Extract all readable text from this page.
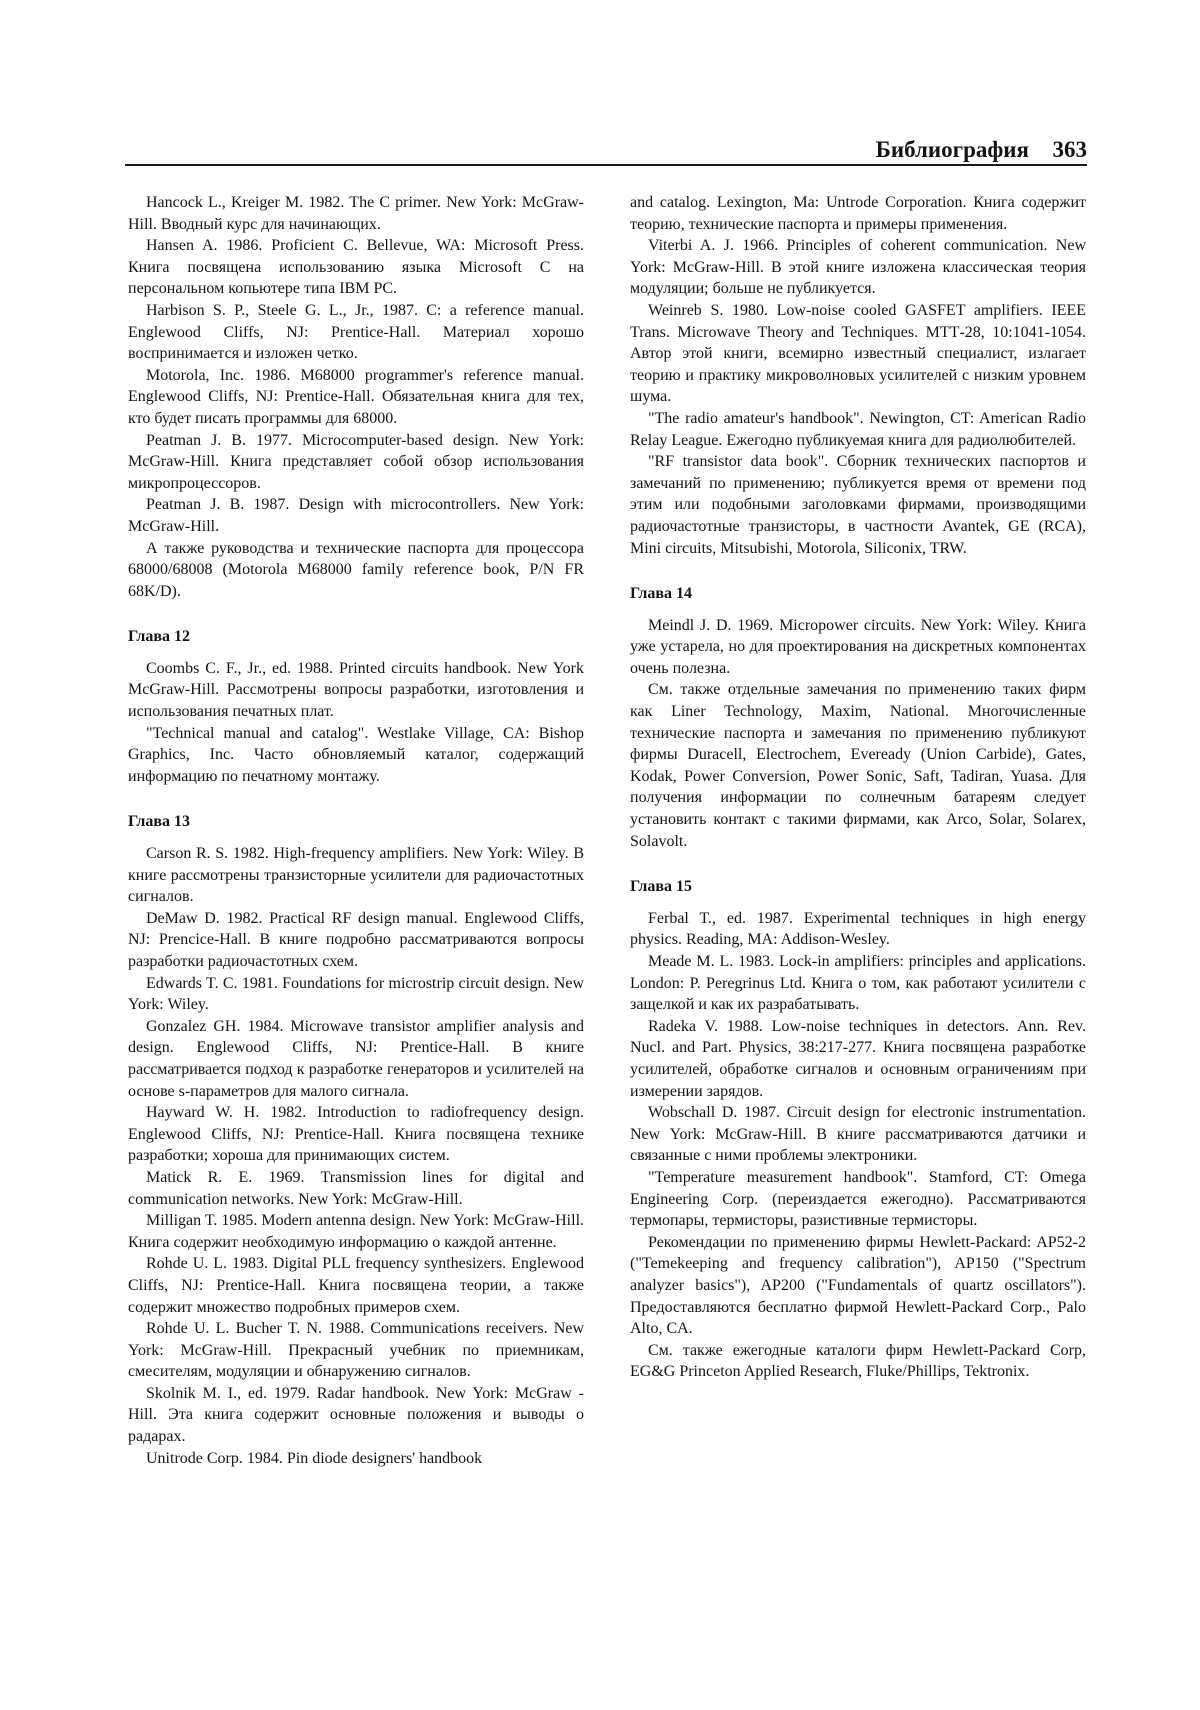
Библиография 363

Hancock L., Kreiger M. 1982. The C primer. New York: McGraw-Hill. Вводный курс для начинающих.

Hansen A. 1986. Proficient C. Bellevue, WA: Microsoft Press. Книга посвящена использованию языка Microsoft C на персональном копьютере типа IBM PC.

Harbison S. P., Steele G. L., Jr., 1987. C: a reference manual. Englewood Cliffs, NJ: Prentice-Hall. Материал хорошо воспринимается и изложен четко.

Motorola, Inc. 1986. M68000 programmer's reference manual. Englewood Cliffs, NJ: Prentice-Hall. Обязательная книга для тех, кто будет писать программы для 68000.

Peatman J. B. 1977. Microcomputer-based design. New York: McGraw-Hill. Книга представляет собой обзор использования микропроцессоров.

Peatman J. B. 1987. Design with microcontrollers. New York: McGraw-Hill.

А также руководства и технические паспорта для процессора 68000/68008 (Motorola M68000 family reference book, P/N FR 68K/D).

Глава 12

Coombs C. F., Jr., ed. 1988. Printed circuits handbook. New York McGraw-Hill. Рассмотрены вопросы разработки, изготовления и использования печатных плат.

"Technical manual and catalog". Westlake Village, CA: Bishop Graphics, Inc. Часто обновляемый каталог, содержащий информацию по печатному монтажу.

Глава 13

Carson R. S. 1982. High-frequency amplifiers. New York: Wiley. В книге рассмотрены транзисторные усилители для радиочастотных сигналов.

DeMaw D. 1982. Practical RF design manual. Englewood Cliffs, NJ: Prencice-Hall. В книге подробно рассматриваются вопросы разработки радиочастотных схем.

Edwards T. C. 1981. Foundations for microstrip circuit design. New York: Wiley.

Gonzalez GH. 1984. Microwave transistor amplifier analysis and design. Englewood Cliffs, NJ: Prentice-Hall. В книге рассматривается подход к разработке генераторов и усилителей на основе s-параметров для малого сигнала.

Hayward W. H. 1982. Introduction to radiofrequency design. Englewood Cliffs, NJ: Prentice-Hall. Книга посвящена технике разработки; хороша для принимающих систем.

Matick R. E. 1969. Transmission lines for digital and communication networks. New York: McGraw-Hill.

Milligan T. 1985. Modern antenna design. New York: McGraw-Hill. Книга содержит необходимую информацию о каждой антенне.

Rohde U. L. 1983. Digital PLL frequency synthesizers. Englewood Cliffs, NJ: Prentice-Hall. Книга посвящена теории, а также содержит множество подробных примеров схем.

Rohde U. L. Bucher T. N. 1988. Communications receivers. New York: McGraw-Hill. Прекрасный учебник по приемникам, смесителям, модуляции и обнаружению сигналов.

Skolnik M. I., ed. 1979. Radar handbook. New York: McGraw - Hill. Эта книга содержит основные положения и выводы о радарах.

Unitrode Corp. 1984. Pin diode designers' handbook

and catalog. Lexington, Ma: Untrode Corporation. Книга содержит теорию, технические паспорта и примеры применения.

Viterbi A. J. 1966. Principles of coherent communication. New York: McGraw-Hill. В этой книге изложена классическая теория модуляции; больше не публикуется.

Weinreb S. 1980. Low-noise cooled GASFET amplifiers. IEEE Trans. Microwave Theory and Techniques. МТТ-28, 10:1041-1054. Автор этой книги, всемирно известный специалист, излагает теорию и практику микроволновых усилителей с низким уровнем шума.

"The radio amateur's handbook". Newington, CT: American Radio Relay League. Ежегодно публикуемая книга для радиолюбителей.

"RF transistor data book". Сборник технических паспортов и замечаний по применению; публикуется время от времени под этим или подобными заголовками фирмами, производящими радиочастотные транзисторы, в частности Avantek, GE (RCA), Mini circuits, Mitsubishi, Motorola, Siliconix, TRW.

Глава 14

Meindl J. D. 1969. Micropower circuits. New York: Wiley. Книга уже устарела, но для проектирования на дискретных компонентах очень полезна.

См. также отдельные замечания по применению таких фирм как Liner Technology, Maxim, National. Многочисленные технические паспорта и замечания по применению публикуют фирмы Duracell, Electrochem, Eveready (Union Carbide), Gates, Kodak, Power Conversion, Power Sonic, Saft, Tadiran, Yuasa. Для получения информации по солнечным батареям следует установить контакт с такими фирмами, как Arco, Solar, Solarex, Solavolt.

Глава 15

Ferbal T., ed. 1987. Experimental techniques in high energy physics. Reading, MA: Addison-Wesley.

Meade M. L. 1983. Lock-in amplifiers: principles and applications. London: P. Peregrinus Ltd. Книга о том, как работают усилители с защелкой и как их разрабатывать.

Radeka V. 1988. Low-noise techniques in detectors. Ann. Rev. Nucl. and Part. Physics, 38:217-277. Книга посвящена разработке усилителей, обработке сигналов и основным ограничениям при измерении зарядов.

Wobschall D. 1987. Circuit design for electronic instrumentation. New York: McGraw-Hill. В книге рассматриваются датчики и связанные с ними проблемы электроники.

"Temperature measurement handbook". Stamford, CT: Omega Engineering Corp. (переиздается ежегодно). Рассматриваются термопары, термисторы, разистивные термисторы.

Рекомендации по применению фирмы Hewlett-Packard: AP52-2 ("Temekeeping and frequency calibration"), AP150 ("Spectrum analyzer basics"), AP200 ("Fundamentals of quartz oscillators"). Предоставляются бесплатно фирмой Hewlett-Packard Corp., Palo Alto, CA.

См. также ежегодные каталоги фирм Hewlett-Packard Corp, EG&G Princeton Applied Research, Fluke/Phillips, Tektronix.
